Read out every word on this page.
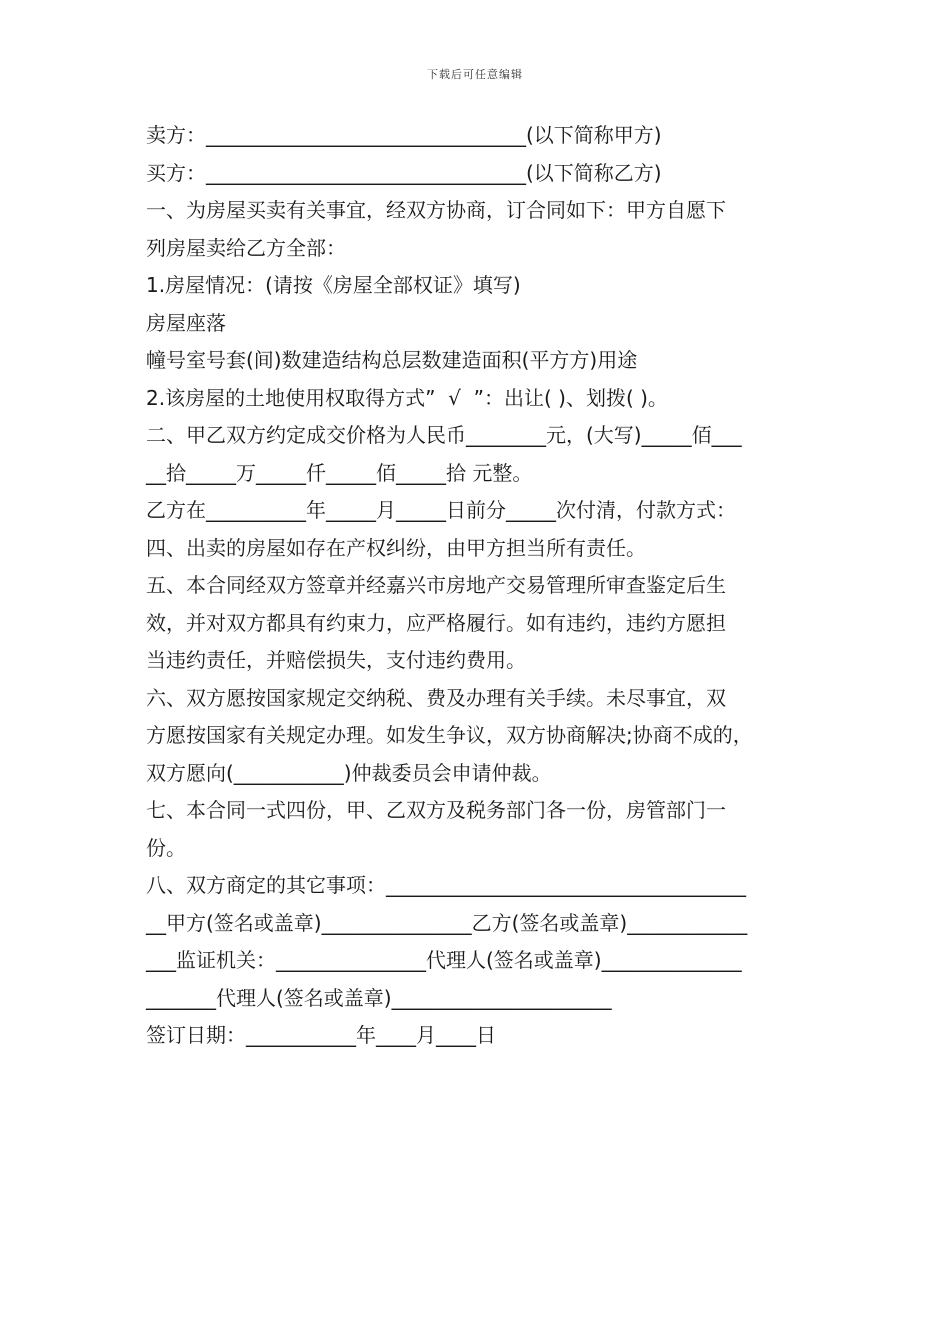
下载后可任意编辑
卖方：________________________________(以下简称甲方)
买方：________________________________(以下简称乙方)
一、为房屋买卖有关事宜，经双方协商，订合同如下：甲方自愿下
列房屋卖给乙方全部：
1.房屋情况：(请按《房屋全部权证》填写)
房屋座落
幢号室号套(间)数建造结构总层数建造面积(平方方)用途
2.该房屋的土地使用权取得方式”  √  ”：出让( )、划拨( )。
二、甲乙双方约定成交价格为人民币________元，(大写)_____佰___
__拾_____万_____仟_____佰_____拾 元整。
乙方在__________年_____月_____日前分_____次付清，付款方式：
四、出卖的房屋如存在产权纠纷，由甲方担当所有责任。
五、本合同经双方签章并经嘉兴市房地产交易管理所审查鉴定后生
效，并对双方都具有约束力，应严格履行。如有违约，违约方愿担
当违约责任，并赔偿损失，支付违约费用。
六、双方愿按国家规定交纳税、费及办理有关手续。未尽事宜，双
方愿按国家有关规定办理。如发生争议，双方协商解决;协商不成的，
双方愿向(___________)仲裁委员会申请仲裁。
七、本合同一式四份，甲、乙双方及税务部门各一份，房管部门一
份。
八、双方商定的其它事项：____________________________________
__甲方(签名或盖章)_______________乙方(签名或盖章)____________
___监证机关：_______________代理人(签名或盖章)______________
_______代理人(签名或盖章)______________________
签订日期：___________年____月____日
